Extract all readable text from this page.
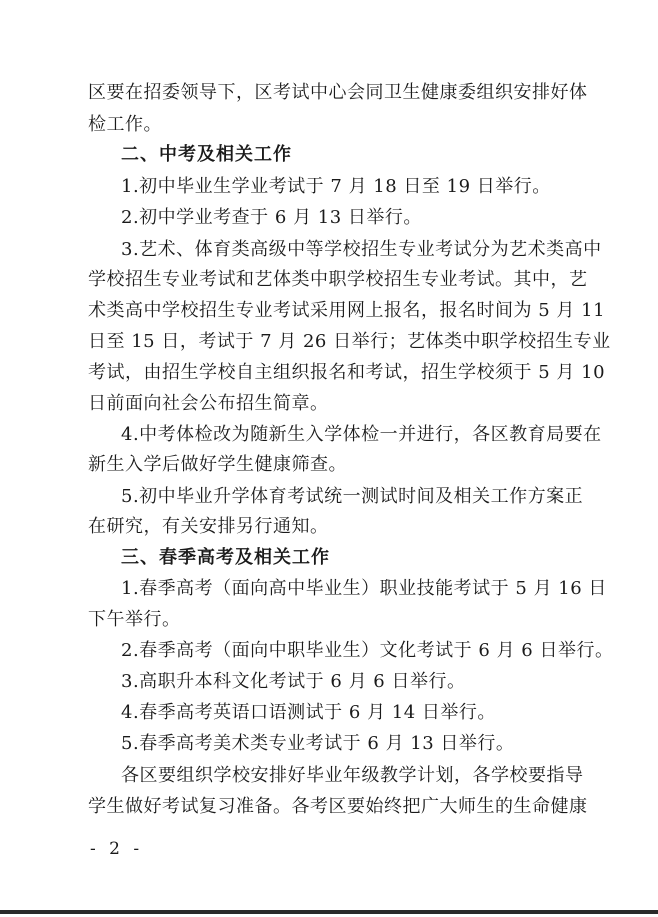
区要在招委领导下，区考试中心会同卫生健康委组织安排好体
检工作。
二、中考及相关工作
1.初中毕业生学业考试于 7 月 18 日至 19 日举行。
2.初中学业考查于 6 月 13 日举行。
3.艺术、体育类高级中等学校招生专业考试分为艺术类高中
学校招生专业考试和艺体类中职学校招生专业考试。其中，艺
术类高中学校招生专业考试采用网上报名，报名时间为 5 月 11
日至 15 日，考试于 7 月 26 日举行；艺体类中职学校招生专业
考试，由招生学校自主组织报名和考试，招生学校须于 5 月 10
日前面向社会公布招生简章。
4.中考体检改为随新生入学体检一并进行，各区教育局要在
新生入学后做好学生健康筛查。
5.初中毕业升学体育考试统一测试时间及相关工作方案正
在研究，有关安排另行通知。
三、春季高考及相关工作
1.春季高考（面向高中毕业生）职业技能考试于 5 月 16 日
下午举行。
2.春季高考（面向中职毕业生）文化考试于 6 月 6 日举行。
3.高职升本科文化考试于 6 月 6 日举行。
4.春季高考英语口语测试于 6 月 14 日举行。
5.春季高考美术类专业考试于 6 月 13 日举行。
各区要组织学校安排好毕业年级教学计划，各学校要指导
学生做好考试复习准备。各考区要始终把广大师生的生命健康
- 2 -
